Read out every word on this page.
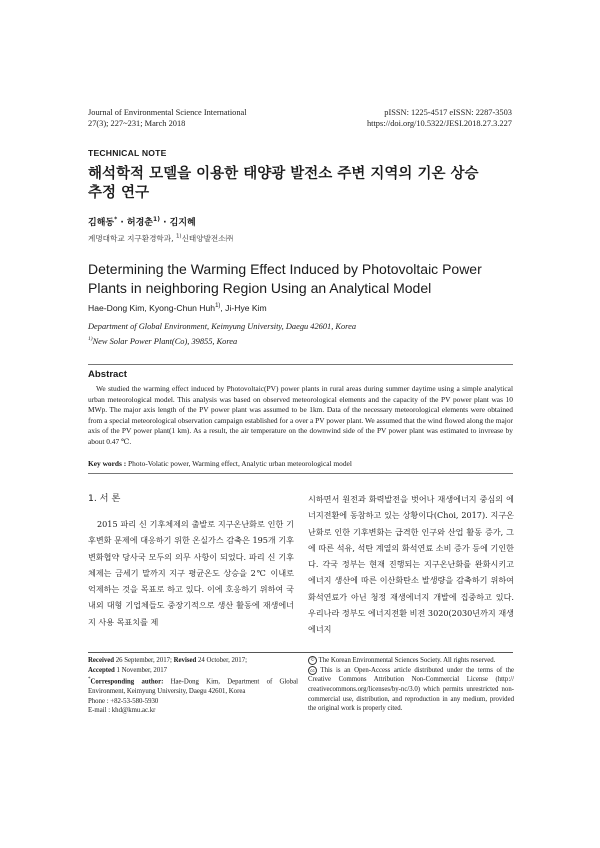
Journal of Environmental Science International
27(3); 227~231; March 2018
pISSN: 1225-4517 eISSN: 2287-3503
https://doi.org/10.5322/JESI.2018.27.3.227
TECHNICAL NOTE
해석학적 모델을 이용한 태양광 발전소 주변 지역의 기온 상승
추정 연구
김해동* · 허경춘$^{1)}$ · 김지혜
계명대학교 지구환경학과, $^{1)}$신태양발전소㈜
Determining the Warming Effect Induced by Photovoltaic Power
Plants in neighboring Region Using an Analytical Model
Hae-Dong Kim, Kyong-Chun Huh$^{1)}$, Ji-Hye Kim
Department of Global Environment, Keimyung University, Daegu 42601, Korea
$^{1)}$New Solar Power Plant(Co), 39855, Korea
Abstract
We studied the warming effect induced by Photovoltaic(PV) power plants in rural areas during summer daytime using a simple analytical urban meteorological model. This analysis was based on observed meteorological elements and the capacity of the PV power plant was 10 MWp. The major axis length of the PV power plant was assumed to be 1km. Data of the necessary meteorological elements were obtained from a special meteorological observation campaign established for a over a PV power plant. We assumed that the wind flowed along the major axis of the PV power plant(1 km). As a result, the air temperature on the downwind side of the PV power plant was estimated to invrease by about 0.47 ℃.
Key words : Photo-Volatic power, Warming effect, Analytic urban meteorological model
1. 서 론

2015 파리 신 기후체제의 출발로 지구온난화로 인한 기후변화 문제에 대응하기 위한 온실가스 감축은 195개 기후변화협약 당사국 모두의 의무 사항이 되었다. 파리 신 기후체제는 금세기 말까지 지구 평균온도 상승을 2℃ 이내로 억제하는 것을 목표로 하고 있다. 이에 호응하기 위하여 국내외 대형 기업체들도 중장기적으로 생산 활동에 재생에너지 사용 목표치를 제

시하면서 원전과 화력발전을 벗어나 재생에너지 중심의 에너지전환에 동참하고 있는 상황이다(Choi, 2017). 지구온난화로 인한 기후변화는 급격한 인구와 산업 활동 증가, 그에 따른 석유, 석탄 계열의 화석연료 소비 증가 등에 기인한다. 각국 정부는 현재 진행되는 지구온난화를 완화시키고 에너지 생산에 따른 이산화탄소 발생량을 감축하기 위하여 화석연료가 아닌 청정 재생에너지 개발에 집중하고 있다. 우리나라 정부도 에너지전환 비전 3020(2030년까지 재생에너지

Received 26 September, 2017; Revised 24 October, 2017;
Accepted 1 November, 2017
*Corresponding author: Hae-Dong Kim, Department of Global Environment, Keimyung University, Daegu 42601, Korea
Phone : +82-53-580-5930
E-mail : khd@kmu.ac.kr
© The Korean Environmental Sciences Society. All rights reserved.
cc This is an Open-Access article distributed under the terms of the Creative Commons Attribution Non-Commercial License (http:// creativecommons.org/licenses/by-nc/3.0) which permits unrestricted non-commercial use, distribution, and reproduction in any medium, provided the original work is properly cited.
